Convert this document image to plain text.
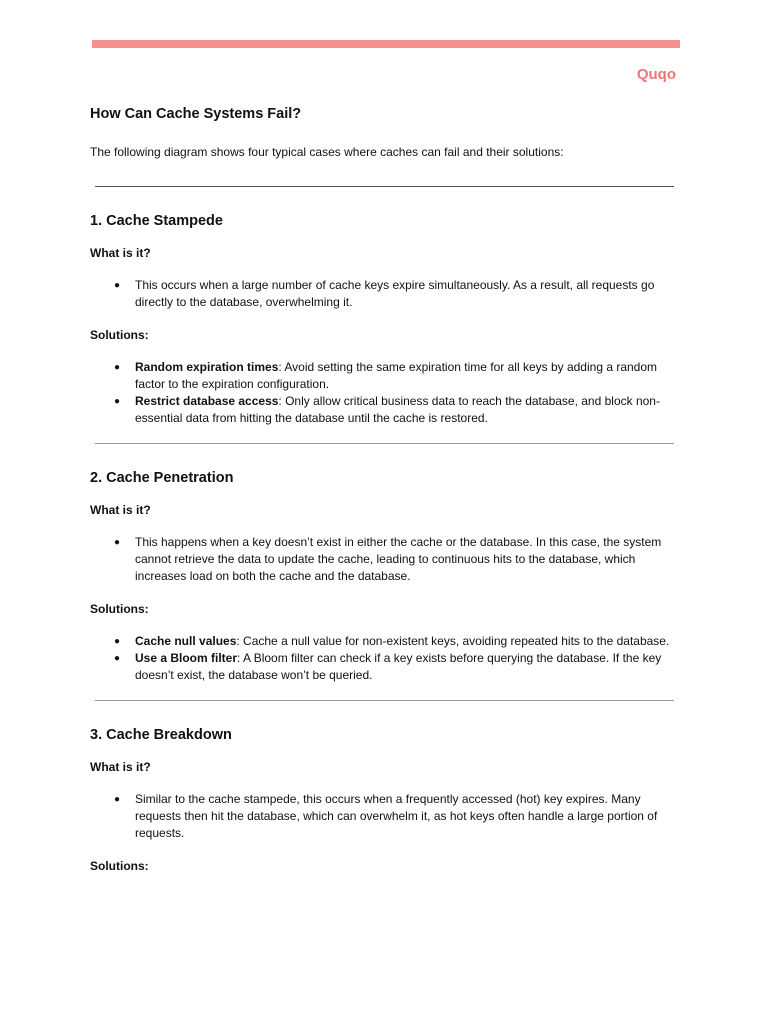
Quqo
How Can Cache Systems Fail?
The following diagram shows four typical cases where caches can fail and their solutions:
1. Cache Stampede
What is it?
● This occurs when a large number of cache keys expire simultaneously. As a result, all requests go directly to the database, overwhelming it.
Solutions:
● Random expiration times: Avoid setting the same expiration time for all keys by adding a random factor to the expiration configuration.
● Restrict database access: Only allow critical business data to reach the database, and block non-essential data from hitting the database until the cache is restored.
2. Cache Penetration
What is it?
● This happens when a key doesn’t exist in either the cache or the database. In this case, the system cannot retrieve the data to update the cache, leading to continuous hits to the database, which increases load on both the cache and the database.
Solutions:
● Cache null values: Cache a null value for non-existent keys, avoiding repeated hits to the database.
● Use a Bloom filter: A Bloom filter can check if a key exists before querying the database. If the key doesn’t exist, the database won’t be queried.
3. Cache Breakdown
What is it?
● Similar to the cache stampede, this occurs when a frequently accessed (hot) key expires. Many requests then hit the database, which can overwhelm it, as hot keys often handle a large portion of requests.
Solutions:
